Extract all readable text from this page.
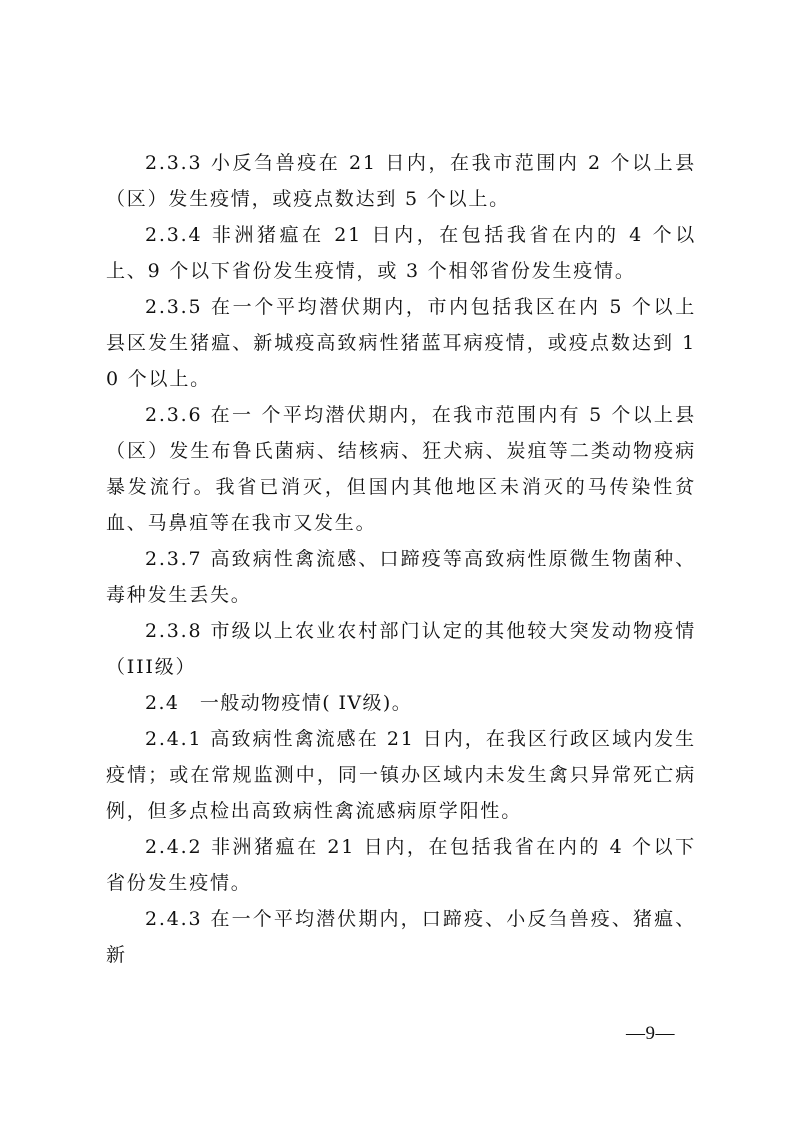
2.3.3 小反刍兽疫在 21 日内，在我市范围内 2 个以上县（区）发生疫情，或疫点数达到 5 个以上。

2.3.4 非洲猪瘟在 21 日内，在包括我省在内的 4 个以上、9 个以下省份发生疫情，或 3 个相邻省份发生疫情。

2.3.5 在一个平均潜伏期内，市内包括我区在内 5 个以上县区发生猪瘟、新城疫高致病性猪蓝耳病疫情，或疫点数达到 10 个以上。

2.3.6 在一 个平均潜伏期内，在我市范围内有 5 个以上县（区）发生布鲁氏菌病、结核病、狂犬病、炭疽等二类动物疫病暴发流行。我省已消灭，但国内其他地区未消灭的马传染性贫血、马鼻疽等在我市又发生。

2.3.7 高致病性禽流感、口蹄疫等高致病性原微生物菌种、毒种发生丢失。

2.3.8 市级以上农业农村部门认定的其他较大突发动物疫情（III级）

2.4　一般动物疫情( IV级)。

2.4.1 高致病性禽流感在 21 日内，在我区行政区域内发生疫情；或在常规监测中，同一镇办区域内未发生禽只异常死亡病例，但多点检出高致病性禽流感病原学阳性。

2.4.2 非洲猪瘟在 21 日内，在包括我省在内的 4 个以下省份发生疫情。

2.4.3 在一个平均潜伏期内，口蹄疫、小反刍兽疫、猪瘟、新

—9—
